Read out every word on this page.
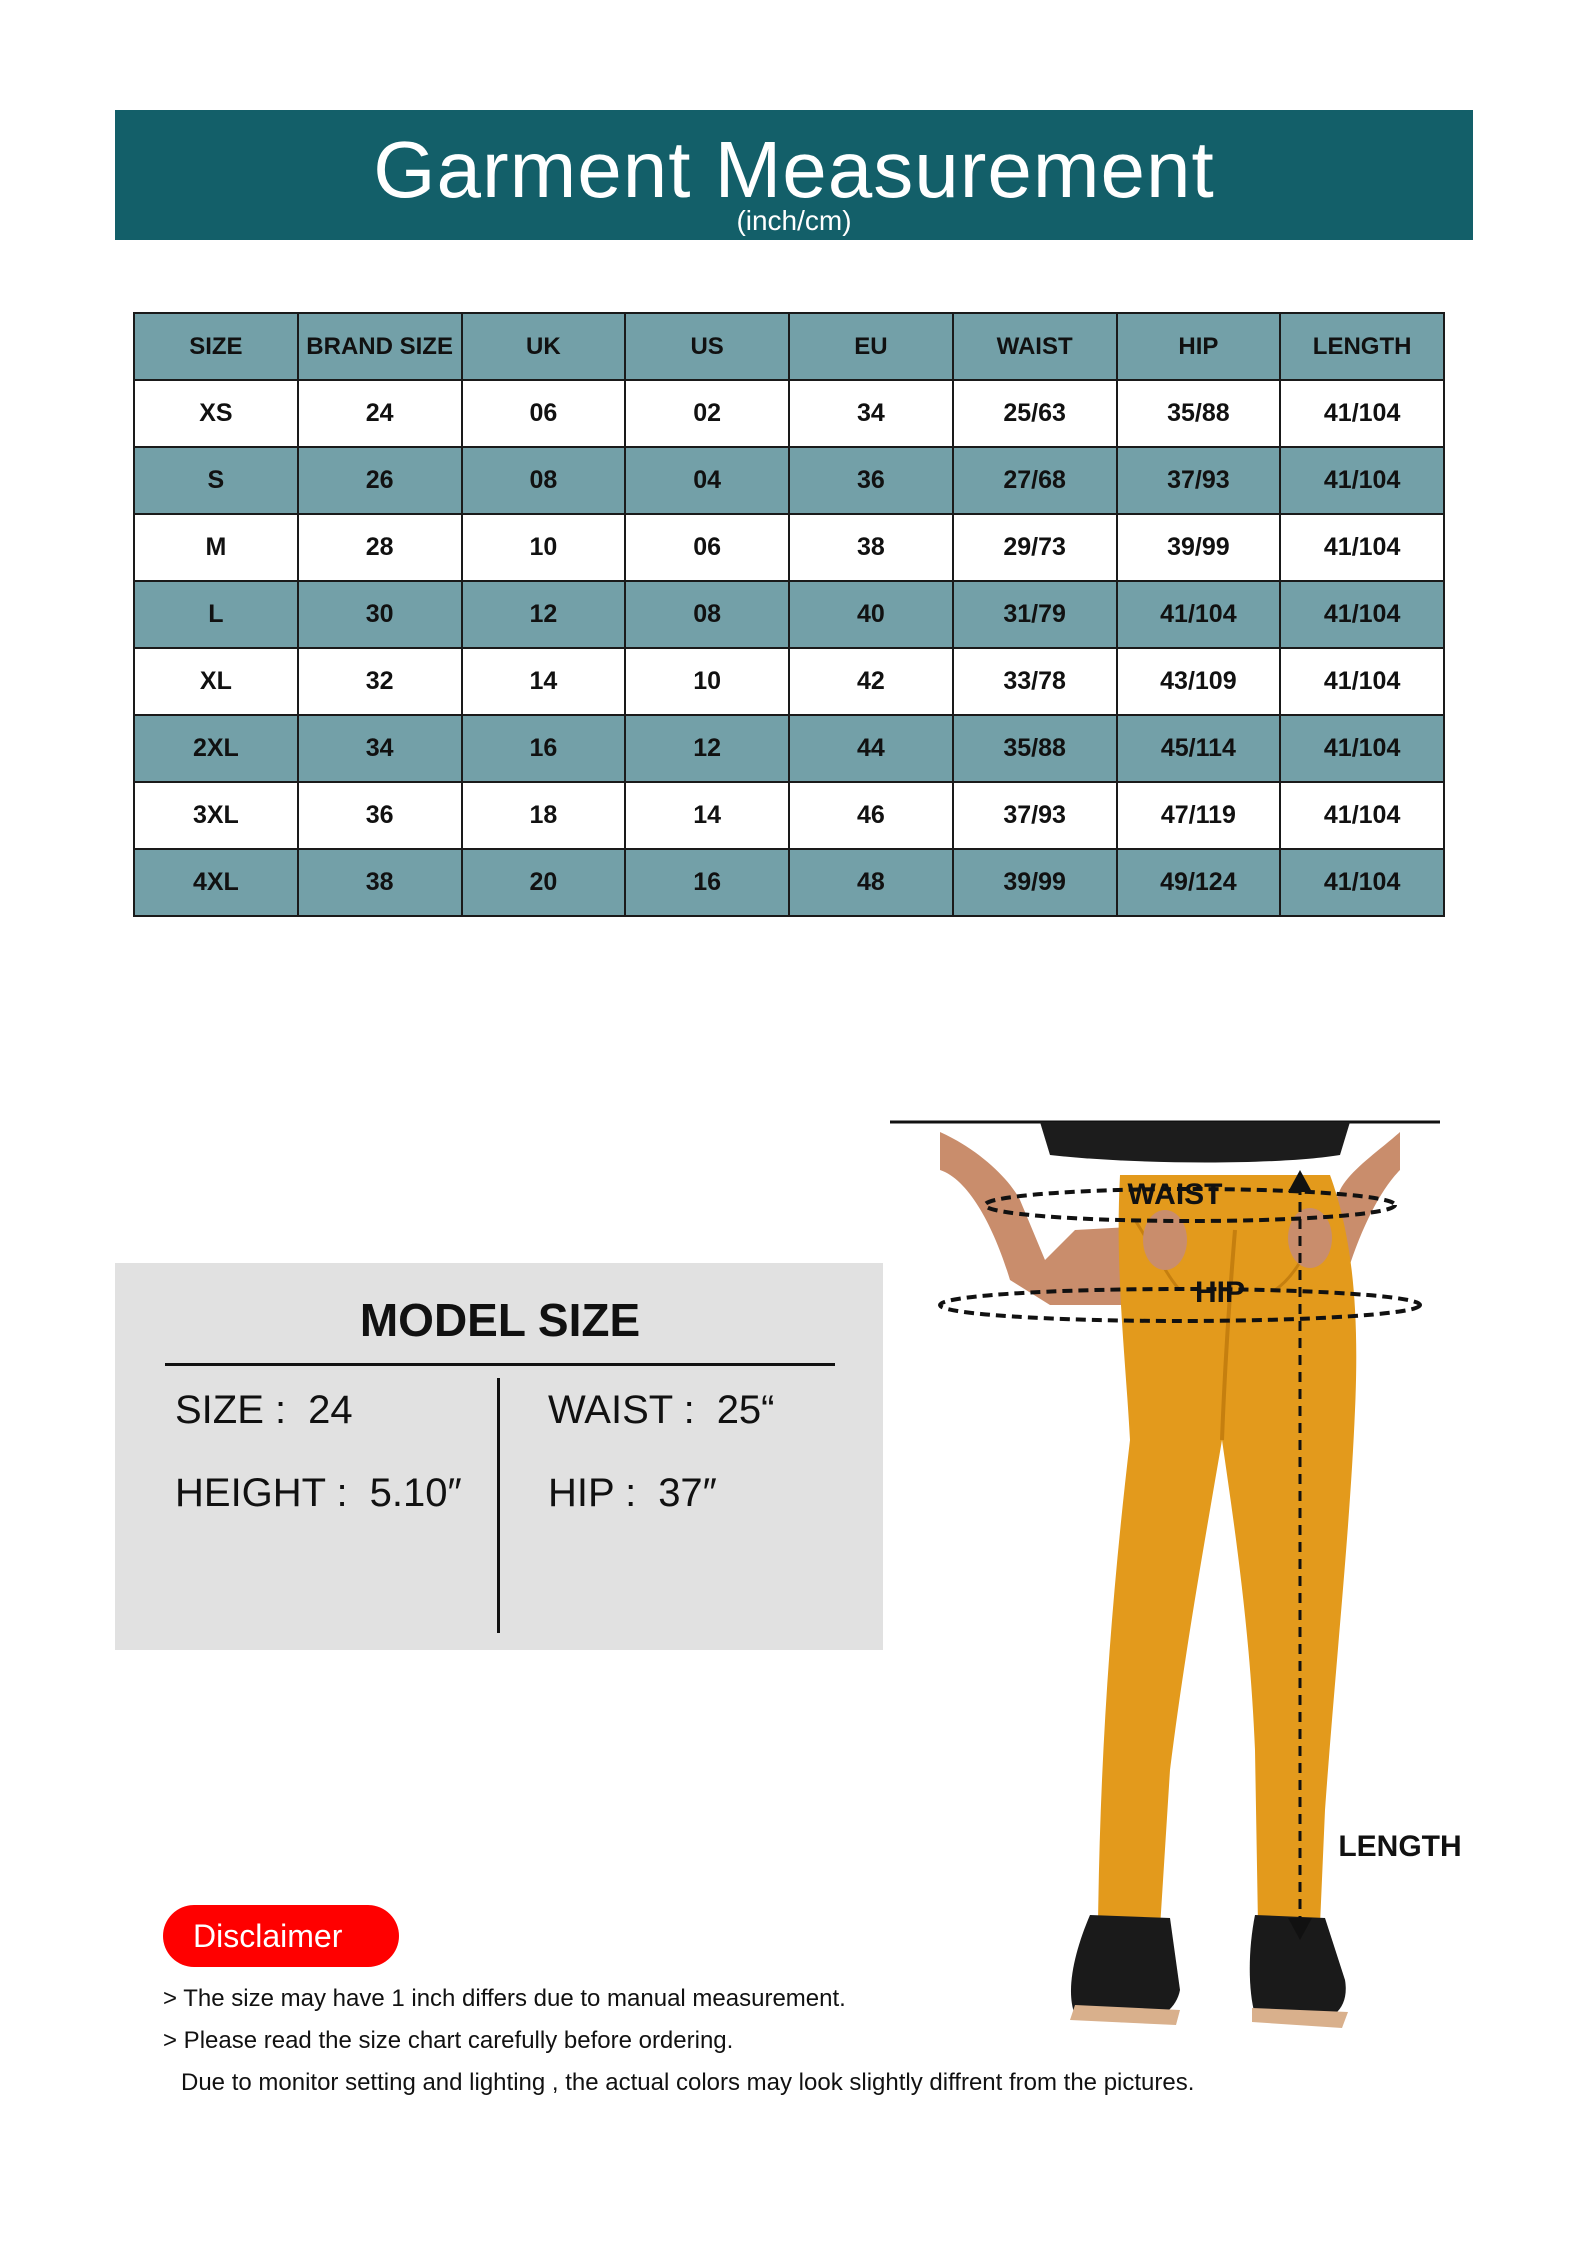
Garment Measurement
(inch/cm)
SIZE	BRAND SIZE	UK	US	EU	WAIST	HIP	LENGTH
XS	24	06	02	34	25/63	35/88	41/104
S	26	08	04	36	27/68	37/93	41/104
M	28	10	06	38	29/73	39/99	41/104
L	30	12	08	40	31/79	41/104	41/104
XL	32	14	10	42	33/78	43/109	41/104
2XL	34	16	12	44	35/88	45/114	41/104
3XL	36	18	14	46	37/93	47/119	41/104
4XL	38	20	16	48	39/99	49/124	41/104
MODEL SIZE
SIZE : 24
HEIGHT : 5.10″
WAIST : 25“
HIP : 37″
WAIST
HIP
LENGTH
Disclaimer
> The size may have 1 inch differs due to manual measurement.
> Please read the size chart carefully before ordering.
Due to monitor setting and lighting , the actual colors may look slightly diffrent from the pictures.
